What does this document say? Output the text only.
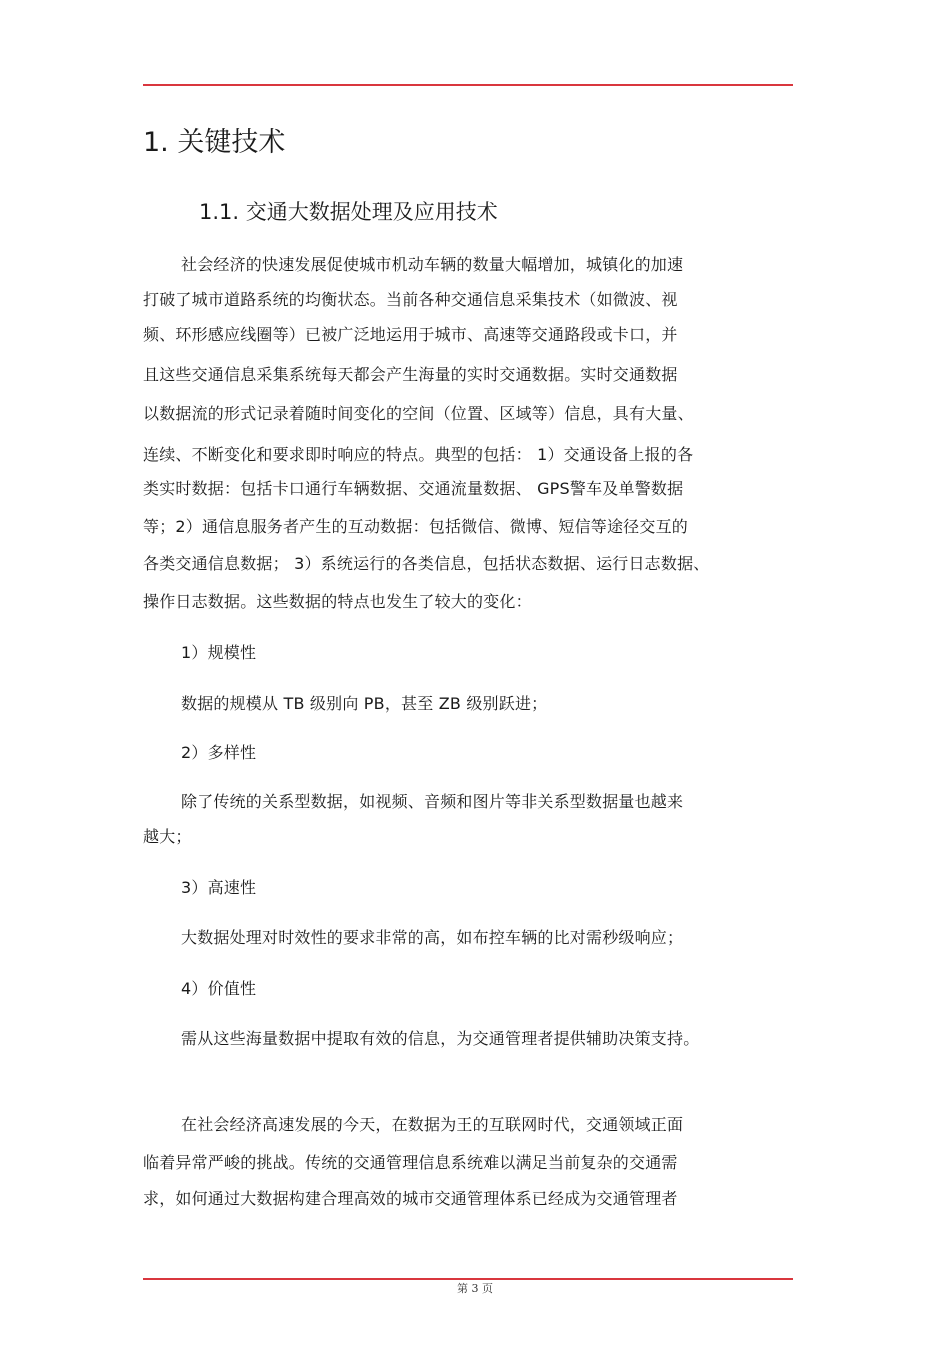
1. 关键技术
1.1. 交通大数据处理及应用技术
社会经济的快速发展促使城市机动车辆的数量大幅增加，城镇化的加速
打破了城市道路系统的均衡状态。当前各种交通信息采集技术（如微波、视
频、环形感应线圈等）已被广泛地运用于城市、高速等交通路段或卡口，并
且这些交通信息采集系统每天都会产生海量的实时交通数据。实时交通数据
以数据流的形式记录着随时间变化的空间（位置、区域等）信息，具有大量、
连续、不断变化和要求即时响应的特点。典型的包括： 1）交通设备上报的各
类实时数据：包括卡口通行车辆数据、交通流量数据、 GPS警车及单警数据
等；2）通信息服务者产生的互动数据：包括微信、微博、短信等途径交互的
各类交通信息数据； 3）系统运行的各类信息，包括状态数据、运行日志数据、
操作日志数据。这些数据的特点也发生了较大的变化：
1）规模性
数据的规模从 TB 级别向 PB，甚至 ZB 级别跃进；
2）多样性
除了传统的关系型数据，如视频、音频和图片等非关系型数据量也越来
越大；
3）高速性
大数据处理对时效性的要求非常的高，如布控车辆的比对需秒级响应；
4）价值性
需从这些海量数据中提取有效的信息，为交通管理者提供辅助决策支持。
在社会经济高速发展的今天，在数据为王的互联网时代，交通领域正面
临着异常严峻的挑战。传统的交通管理信息系统难以满足当前复杂的交通需
求，如何通过大数据构建合理高效的城市交通管理体系已经成为交通管理者
第 3 页
